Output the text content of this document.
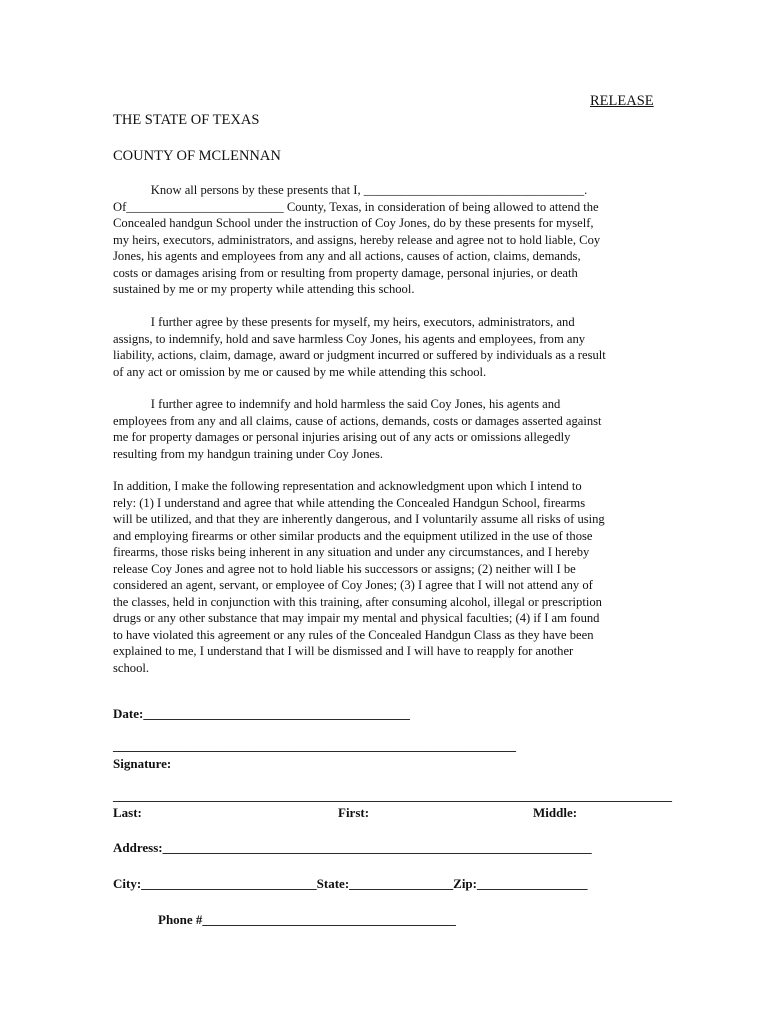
RELEASE
THE STATE OF TEXAS
COUNTY OF MCLENNAN
Know all persons by these presents that I, ___________________________________.
Of_________________________ County, Texas, in consideration of being allowed to attend the
Concealed handgun School under the instruction of Coy Jones, do by these presents for myself,
my heirs, executors, administrators, and assigns, hereby release and agree not to hold liable, Coy
Jones, his agents and employees from any and all actions, causes of action, claims, demands,
costs or damages arising from or resulting from property damage, personal injuries, or death
sustained by me or my property while attending this school.
I further agree by these presents for myself, my heirs, executors, administrators, and
assigns, to indemnify, hold and save harmless Coy Jones, his agents and employees, from any
liability, actions, claim, damage, award or judgment incurred or suffered by individuals as a result
of any act or omission by me or caused by me while attending this school.
I further agree to indemnify and hold harmless the said Coy Jones, his agents and
employees from any and all claims, cause of actions, demands, costs or damages asserted against
me for property damages or personal injuries arising out of any acts or omissions allegedly
resulting from my handgun training under Coy Jones.
In addition, I make the following representation and acknowledgment upon which I intend to
rely: (1) I understand and agree that while attending the Concealed Handgun School, firearms
will be utilized, and that they are inherently dangerous, and I voluntarily assume all risks of using
and employing firearms or other similar products and the equipment utilized in the use of those
firearms, those risks being inherent in any situation and under any circumstances, and I hereby
release Coy Jones and agree not to hold liable his successors or assigns; (2) neither will I be
considered an agent, servant, or employee of Coy Jones; (3) I agree that I will not attend any of
the classes, held in conjunction with this training, after consuming alcohol, illegal or prescription
drugs or any other substance that may impair my mental and physical faculties; (4) if I am found
to have violated this agreement or any rules of the Concealed Handgun Class as they have been
explained to me, I understand that I will be dismissed and I will have to reapply for another
school.
Date:_________________________________________
______________________________________________________________
Signature:
______________________________________________________________________________________
Last:	First:	Middle:
Address:__________________________________________________________________
City:___________________________State:________________Zip:_________________
Phone #_______________________________________
